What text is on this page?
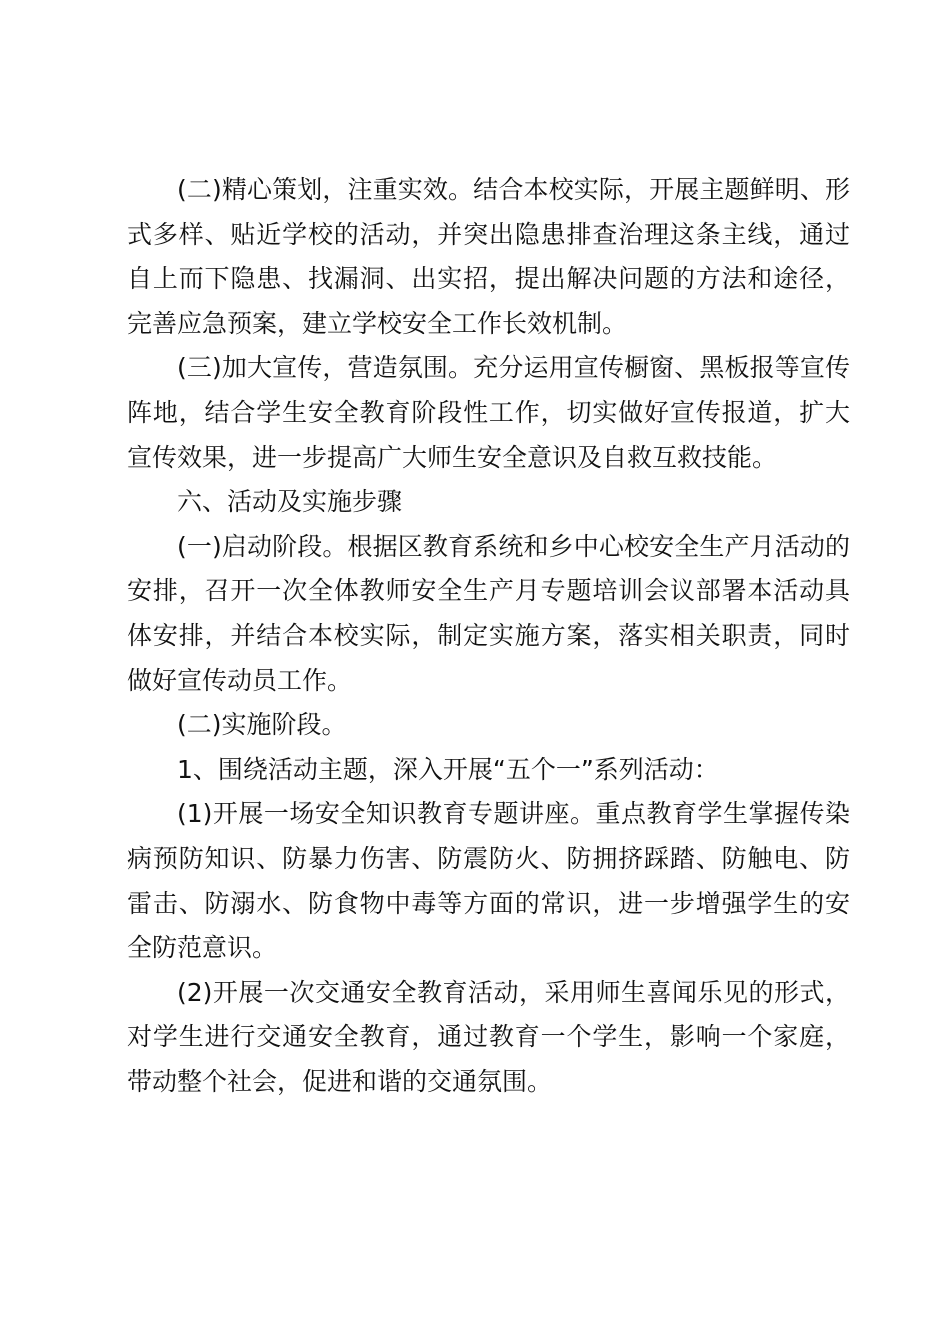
(二)精心策划，注重实效。结合本校实际，开展主题鲜明、形式多样、贴近学校的活动，并突出隐患排查治理这条主线，通过自上而下隐患、找漏洞、出实招，提出解决问题的方法和途径，完善应急预案，建立学校安全工作长效机制。

(三)加大宣传，营造氛围。充分运用宣传橱窗、黑板报等宣传阵地，结合学生安全教育阶段性工作，切实做好宣传报道，扩大宣传效果，进一步提高广大师生安全意识及自救互救技能。

六、活动及实施步骤

(一)启动阶段。根据区教育系统和乡中心校安全生产月活动的安排，召开一次全体教师安全生产月专题培训会议部署本活动具体安排，并结合本校实际，制定实施方案，落实相关职责，同时做好宣传动员工作。

(二)实施阶段。

1、围绕活动主题，深入开展“五个一”系列活动：

(1)开展一场安全知识教育专题讲座。重点教育学生掌握传染病预防知识、防暴力伤害、防震防火、防拥挤踩踏、防触电、防雷击、防溺水、防食物中毒等方面的常识，进一步增强学生的安全防范意识。

(2)开展一次交通安全教育活动，采用师生喜闻乐见的形式，对学生进行交通安全教育，通过教育一个学生，影响一个家庭，带动整个社会，促进和谐的交通氛围。
